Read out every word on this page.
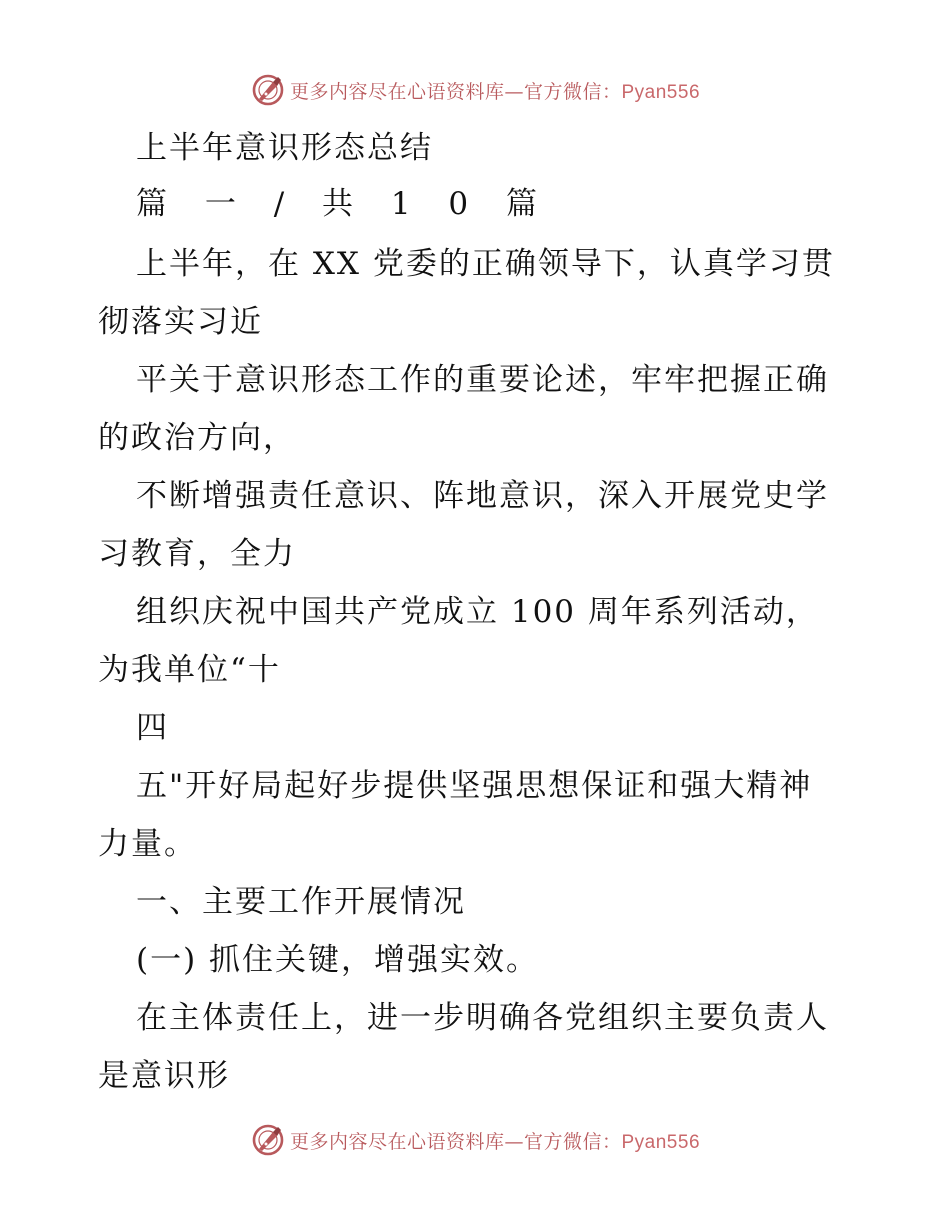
更多内容尽在心语资料库—官方微信：Pyan556
上半年意识形态总结
篇 一 / 共 1 0 篇
上半年，在 XX 党委的正确领导下，认真学习贯
彻落实习近
平关于意识形态工作的重要论述，牢牢把握正确
的政治方向，
不断增强责任意识、阵地意识，深入开展党史学
习教育，全力
组织庆祝中国共产党成立 100 周年系列活动，
为我单位“十
四
五"开好局起好步提供坚强思想保证和强大精神
力量。
一、主要工作开展情况
(一) 抓住关键，增强实效。
在主体责任上，进一步明确各党组织主要负责人
是意识形
更多内容尽在心语资料库—官方微信：Pyan556
